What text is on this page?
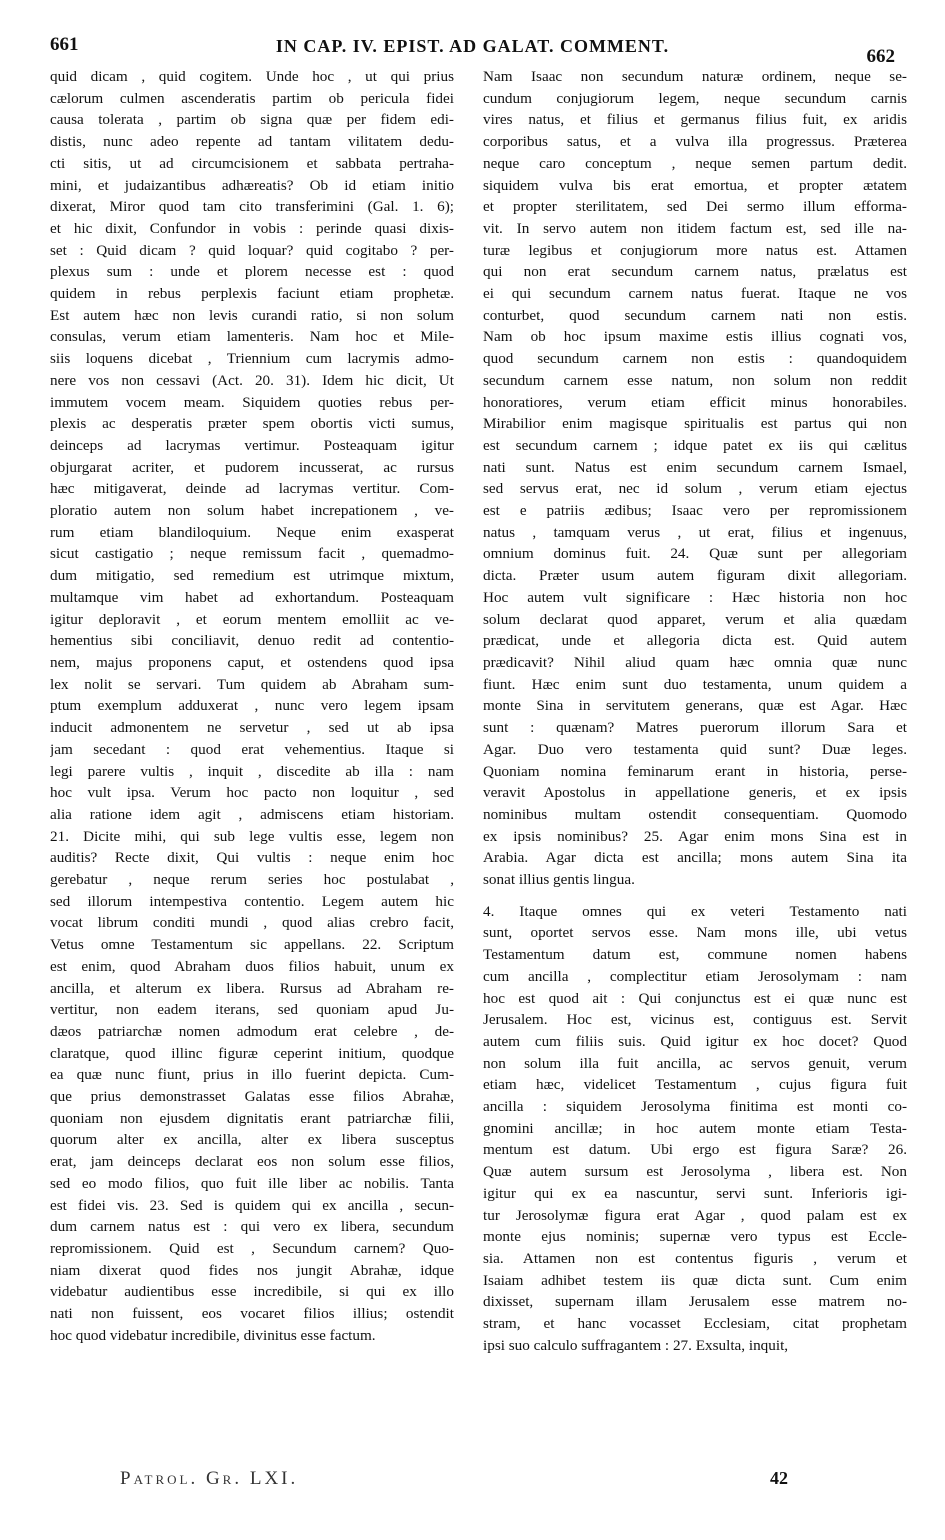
661	IN CAP. IV. EPIST. AD GALAT. COMMENT.	662
quid dicam , quid cogitem. Unde hoc , ut qui prius
cælorum culmen ascenderatis partim ob pericula fidei
causa tolerata , partim ob signa quæ per fidem edi-
distis, nunc adeo repente ad tantam vilitatem dedu-
cti sitis, ut ad circumcisionem et sabbata pertraha-
mini, et judaizantibus adhæreatis? Ob id etiam initio
dixerat, Miror quod tam cito transferimini (Gal. 1. 6);
et hic dixit, Confundor in vobis : perinde quasi dixis-
set : Quid dicam ? quid loquar? quid cogitabo ? per-
plexus sum : unde et plorem necesse est : quod
quidem in rebus perplexis faciunt etiam prophetæ.
Est autem hæc non levis curandi ratio, si non solum
consulas, verum etiam lamenteris. Nam hoc et Mile-
siis loquens dicebat , Triennium cum lacrymis admo-
nere vos non cessavi (Act. 20. 31). Idem hic dicit, Ut
immutem vocem meam. Siquidem quoties rebus per-
plexis ac desperatis præter spem obortis victi sumus,
deinceps ad lacrymas vertimur. Posteaquam igitur
objurgarat acriter, et pudorem incusserat, ac rursus
hæc mitigaverat, deinde ad lacrymas vertitur. Com-
ploratio autem non solum habet increpationem , ve-
rum etiam blandiloquium. Neque enim exasperat
sicut castigatio ; neque remissum facit , quemadmo-
dum mitigatio, sed remedium est utrimque mixtum,
multamque vim habet ad exhortandum. Posteaquam
igitur deploravit , et eorum mentem emolliit ac ve-
hementius sibi conciliavit, denuo redit ad contentio-
nem, majus proponens caput, et ostendens quod ipsa
lex nolit se servari. Tum quidem ab Abraham sum-
ptum exemplum adduxerat , nunc vero legem ipsam
inducit admonentem ne servetur , sed ut ab ipsa
jam secedant : quod erat vehementius. Itaque si
legi parere vultis , inquit , discedite ab illa : nam
hoc vult ipsa. Verum hoc pacto non loquitur , sed
alia ratione idem agit , admiscens etiam historiam.
21. Dicite mihi, qui sub lege vultis esse, legem non
auditis? Recte dixit, Qui vultis : neque enim hoc
gerebatur , neque rerum series hoc postulabat ,
sed illorum intempestiva contentio. Legem autem hic
vocat librum conditi mundi , quod alias crebro facit,
Vetus omne Testamentum sic appellans. 22. Scriptum
est enim, quod Abraham duos filios habuit, unum ex
ancilla, et alterum ex libera. Rursus ad Abraham re-
vertitur, non eadem iterans, sed quoniam apud Ju-
dæos patriarchæ nomen admodum erat celebre , de-
claratque, quod illinc figuræ ceperint initium, quodque
ea quæ nunc fiunt, prius in illo fuerint depicta. Cum-
que prius demonstrasset Galatas esse filios Abrahæ,
quoniam non ejusdem dignitatis erant patriarchæ filii,
quorum alter ex ancilla, alter ex libera susceptus
erat, jam deinceps declarat eos non solum esse filios,
sed eo modo filios, quo fuit ille liber ac nobilis. Tanta
est fidei vis. 23. Sed is quidem qui ex ancilla , secun-
dum carnem natus est : qui vero ex libera, secundum
repromissionem. Quid est , Secundum carnem? Quo-
niam dixerat quod fides nos jungit Abrahæ, idque
videbatur audientibus esse incredibile, si qui ex illo
nati non fuissent, eos vocaret filios illius; ostendit
hoc quod videbatur incredibile, divinitus esse factum.
Nam Isaac non secundum naturæ ordinem, neque se-
cundum conjugiorum legem, neque secundum carnis
vires natus, et filius et germanus filius fuit, ex aridis
corporibus satus, et a vulva illa progressus. Præterea
neque caro conceptum , neque semen partum dedit.
siquidem vulva bis erat emortua, et propter ætatem
et propter sterilitatem, sed Dei sermo illum efforma-
vit. In servo autem non itidem factum est, sed ille na-
turæ legibus et conjugiorum more natus est. Attamen
qui non erat secundum carnem natus, prælatus est
ei qui secundum carnem natus fuerat. Itaque ne vos
conturbet, quod secundum carnem nati non estis.
Nam ob hoc ipsum maxime estis illius cognati vos,
quod secundum carnem non estis : quandoquidem
secundum carnem esse natum, non solum non reddit
honoratiores, verum etiam efficit minus honorabiles.
Mirabilior enim magisque spiritualis est partus qui non
est secundum carnem ; idque patet ex iis qui cælitus
nati sunt. Natus est enim secundum carnem Ismael,
sed servus erat, nec id solum , verum etiam ejectus
est e patriis ædibus; Isaac vero per repromissionem
natus , tamquam verus , ut erat, filius et ingenuus,
omnium dominus fuit. 24. Quæ sunt per allegoriam
dicta. Præter usum autem figuram dixit allegoriam.
Hoc autem vult significare : Hæc historia non hoc
solum declarat quod apparet, verum et alia quædam
prædicat, unde et allegoria dicta est. Quid autem
prædicavit? Nihil aliud quam hæc omnia quæ nunc
fiunt. Hæc enim sunt duo testamenta, unum quidem a
monte Sina in servitutem generans, quæ est Agar. Hæc
sunt : quænam? Matres puerorum illorum Sara et
Agar. Duo vero testamenta quid sunt? Duæ leges.
Quoniam nomina feminarum erant in historia, perse-
veravit Apostolus in appellatione generis, et ex ipsis
nominibus multam ostendit consequentiam. Quomodo
ex ipsis nominibus? 25. Agar enim mons Sina est in
Arabia. Agar dicta est ancilla; mons autem Sina ita
sonat illius gentis lingua.
4. Itaque omnes qui ex veteri Testamento nati
sunt, oportet servos esse. Nam mons ille, ubi vetus
Testamentum datum est, commune nomen habens
cum ancilla , complectitur etiam Jerosolymam : nam
hoc est quod ait : Qui conjunctus est ei quæ nunc est
Jerusalem. Hoc est, vicinus est, contiguus est. Servit
autem cum filiis suis. Quid igitur ex hoc docet? Quod
non solum illa fuit ancilla, ac servos genuit, verum
etiam hæc, videlicet Testamentum , cujus figura fuit
ancilla : siquidem Jerosolyma finitima est monti co-
gnomini ancillæ; in hoc autem monte etiam Testa-
mentum est datum. Ubi ergo est figura Saræ? 26.
Quæ autem sursum est Jerosolyma , libera est. Non
igitur qui ex ea nascuntur, servi sunt. Inferioris igi-
tur Jerosolymæ figura erat Agar , quod palam est ex
monte ejus nominis; supernæ vero typus est Eccle-
sia. Attamen non est contentus figuris , verum et
Isaiam adhibet testem iis quæ dicta sunt. Cum enim
dixisset, supernam illam Jerusalem esse matrem no-
stram, et hanc vocasset Ecclesiam, citat prophetam
ipsi suo calculo suffragantem : 27. Exsulta, inquit,
Patrol. Gr. LXI.	42
